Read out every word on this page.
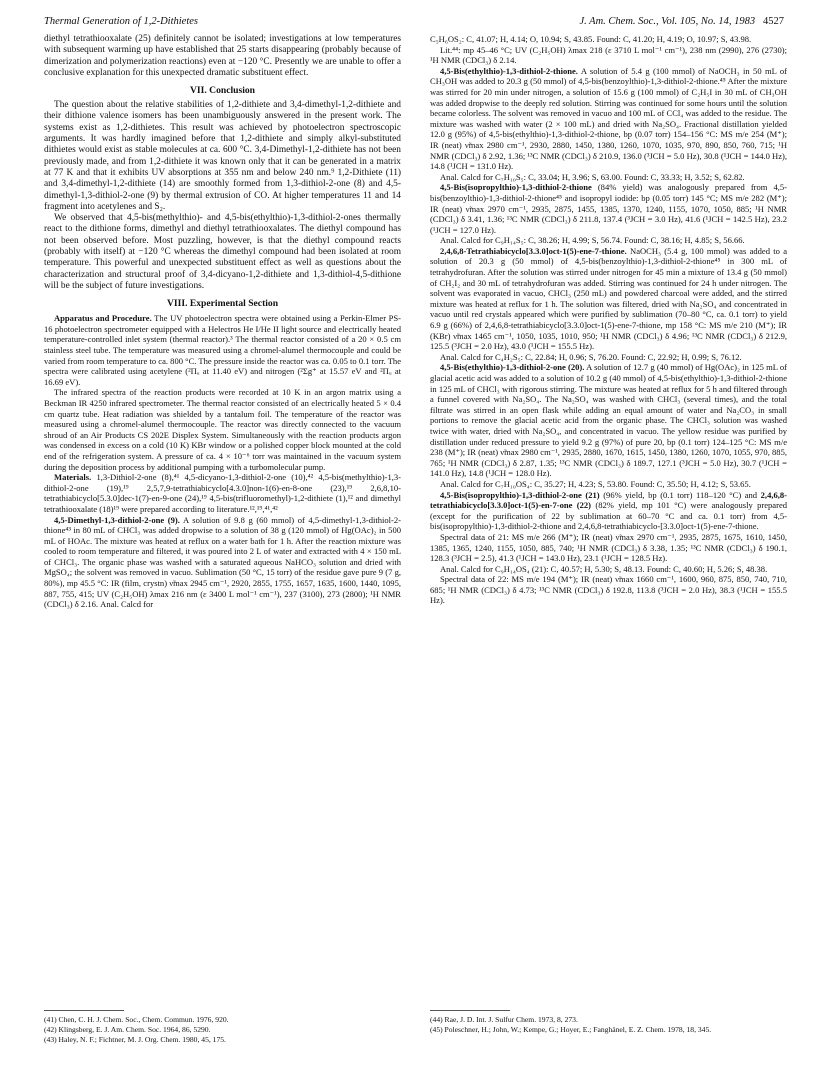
Thermal Generation of 1,2-Dithietes	J. Am. Chem. Soc., Vol. 105, No. 14, 1983 4527

diethyl tetrathiooxalate (25) definitely cannot be isolated; investigations at low temperatures with subsequent warming up have established that 25 starts disappearing (probably because of dimerization and polymerization reactions) even at −120 °C. Presently we are unable to offer a conclusive explanation for this unexpected dramatic substituent effect.

VII. Conclusion

The question about the relative stabilities of 1,2-dithiete and 3,4-dimethyl-1,2-dithiete and their dithione valence isomers has been unambiguously answered in the present work. The systems exist as 1,2-dithietes. This result was achieved by photoelectron spectroscopic arguments. It was hardly imagined before that 1,2-dithiete and simply alkyl-substituted dithietes would exist as stable molecules at ca. 600 °C. 3,4-Dimethyl-1,2-dithiete has not been previously made, and from 1,2-dithiete it was known only that it can be generated in a matrix at 77 K and that it exhibits UV absorptions at 355 nm and below 240 nm.⁹ 1,2-Dithiete (11) and 3,4-dimethyl-1,2-dithiete (14) are smoothly formed from 1,3-dithiol-2-one (8) and 4,5-dimethyl-1,3-dithiol-2-one (9) by thermal extrusion of CO. At higher temperatures 11 and 14 fragment into acetylenes and S₂.

We observed that 4,5-bis(methylthio)- and 4,5-bis(ethylthio)-1,3-dithiol-2-ones thermally react to the dithione forms, dimethyl and diethyl tetrathiooxalates. The diethyl compound has not been observed before. Most puzzling, however, is that the diethyl compound reacts (probably with itself) at −120 °C whereas the dimethyl compound had been isolated at room temperature. This powerful and unexpected substituent effect as well as questions about the characterization and structural proof of 3,4-dicyano-1,2-dithiete and 1,3-dithiol-4,5-dithione will be the subject of future investigations.

VIII. Experimental Section

Apparatus and Procedure. The UV photoelectron spectra were obtained using a Perkin-Elmer PS-16 photoelectron spectrometer equipped with a Helectros He I/He II light source and electrically heated temperature-controlled inlet system (thermal reactor).³ The thermal reactor consisted of a 20 × 0.5 cm stainless steel tube. The temperature was measured using a chromel-alumel thermocouple and could be varied from room temperature to ca. 800 °C. The pressure inside the reactor was ca. 0.05 to 0.1 torr. The spectra were calibrated using acetylene (²Πᵤ at 11.40 eV) and nitrogen (²Σg⁺ at 15.57 eV and ²Πᵤ at 16.69 eV).

The infrared spectra of the reaction products were recorded at 10 K in an argon matrix using a Beckman IR 4250 infrared spectrometer. The thermal reactor consisted of an electrically heated 5 × 0.4 cm quartz tube. Heat radiation was shielded by a tantalum foil. The temperature of the reactor was measured using a chromel-alumel thermocouple. The reactor was directly connected to the vacuum shroud of an Air Products CS 202E Displex System. Simultaneously with the reaction products argon was condensed in excess on a cold (10 K) KBr window or a polished copper block mounted at the cold end of the refrigeration system. A pressure of ca. 4 × 10⁻⁶ torr was maintained in the vacuum system during the deposition process by additional pumping with a turbomolecular pump.

Materials. 1,3-Dithiol-2-one (8),⁴¹ 4,5-dicyano-1,3-dithiol-2-one (10),⁴² 4,5-bis(methylthio)-1,3-dithiol-2-one (19),¹⁹ 2,5,7,9-tetrathiabicyclo[4.3.0]non-1(6)-en-8-one (23),¹⁹ 2,6,8,10-tetrathiabicyclo[5.3.0]dec-1(7)-en-9-one (24),¹⁹ 4,5-bis(trifluoromethyl)-1,2-dithiete (1),¹² and dimethyl tetrathiooxalate (18)¹⁹ were prepared according to literature.¹²,¹⁹,⁴¹,⁴²

4,5-Dimethyl-1,3-dithiol-2-one (9). A solution of 9.8 g (60 mmol) of 4,5-dimethyl-1,3-dithiol-2-thione⁴³ in 80 mL of CHCl₃ was added dropwise to a solution of 38 g (120 mmol) of Hg(OAc)₂ in 500 mL of HOAc. The mixture was heated at reflux on a water bath for 1 h. After the reaction mixture was cooled to room temperature and filtered, it was poured into 2 L of water and extracted with 4 × 150 mL of CHCl₃. The organic phase was washed with a saturated aqueous NaHCO₃ solution and dried with MgSO₄; the solvent was removed in vacuo. Sublimation (50 °C, 15 torr) of the residue gave pure 9 (7 g, 80%), mp 45.5 °C: IR (film, crystn) ν̃max 2945 cm⁻¹, 2920, 2855, 1755, 1657, 1635, 1600, 1440, 1095, 887, 755, 415; UV (C₂H₅OH) λmax 216 nm (ε 3400 L mol⁻¹ cm⁻¹), 237 (3100), 273 (2800); ¹H NMR (CDCl₃) δ 2.16. Anal. Calcd for

C₅H₆OS₂: C, 41.07; H, 4.14; O, 10.94; S, 43.85. Found: C, 41.20; H, 4.19; O, 10.97; S, 43.98.

Lit.⁴⁴: mp 45–46 °C; UV (C₂H₅OH) λmax 218 (ε 3710 L mol⁻¹ cm⁻¹), 238 nm (2990), 276 (2730); ¹H NMR (CDCl₃) δ 2.14.

4,5-Bis(ethylthio)-1,3-dithiol-2-thione. A solution of 5.4 g (100 mmol) of NaOCH₃ in 50 mL of CH₃OH was added to 20.3 g (50 mmol) of 4,5-bis(benzoylthio)-1,3-dithiol-2-thione.⁴⁵ After the mixture was stirred for 20 min under nitrogen, a solution of 15.6 g (100 mmol) of C₂H₅I in 30 mL of CH₃OH was added dropwise to the deeply red solution. Stirring was continued for some hours until the solution became colorless. The solvent was removed in vacuo and 100 mL of CCl₄ was added to the residue. The mixture was washed with water (2 × 100 mL) and dried with Na₂SO₄. Fractional distillation yielded 12.0 g (95%) of 4,5-bis(ethylthio)-1,3-dithiol-2-thione, bp (0.07 torr) 154–156 °C: MS m/e 254 (M⁺); IR (neat) ν̃max 2980 cm⁻¹, 2930, 2880, 1450, 1380, 1260, 1070, 1035, 970, 890, 850, 760, 715; ¹H NMR (CDCl₃) δ 2.92, 1.36; ¹³C NMR (CDCl₃) δ 210.9, 136.0 (³JCH = 5.0 Hz), 30.8 (¹JCH = 144.0 Hz), 14.8 (¹JCH = 131.0 Hz).

Anal. Calcd for C₇H₁₀S₅: C, 33.04; H, 3.96; S, 63.00. Found: C, 33.33; H, 3.52; S, 62.82.

4,5-Bis(isopropylthio)-1,3-dithiol-2-thione (84% yield) was analogously prepared from 4,5-bis(benzoylthio)-1,3-dithiol-2-thione⁴⁵ and isopropyl iodide: bp (0.05 torr) 145 °C; MS m/e 282 (M⁺); IR (neat) ν̃max 2970 cm⁻¹, 2935, 2875, 1455, 1385, 1370, 1240, 1155, 1070, 1050, 885; ¹H NMR (CDCl₃) δ 3.41, 1.36; ¹³C NMR (CDCl₃) δ 211.8, 137.4 (³JCH = 3.0 Hz), 41.6 (¹JCH = 142.5 Hz), 23.2 (¹JCH = 127.0 Hz).

Anal. Calcd for C₉H₁₄S₅: C, 38.26; H, 4.99; S, 56.74. Found: C, 38.16; H, 4.85; S, 56.66.

2,4,6,8-Tetrathiabicyclo[3.3.0]oct-1(5)-ene-7-thione. NaOCH₃ (5.4 g, 100 mmol) was added to a solution of 20.3 g (50 mmol) of 4,5-bis(benzoylthio)-1,3-dithiol-2-thione⁴⁵ in 300 mL of tetrahydrofuran. After the solution was stirred under nitrogen for 45 min a mixture of 13.4 g (50 mmol) of CH₂I₂ and 30 mL of tetrahydrofuran was added. Stirring was continued for 24 h under nitrogen. The solvent was evaporated in vacuo, CHCl₃ (250 mL) and powdered charcoal were added, and the stirred mixture was heated at reflux for 1 h. The solution was filtered, dried with Na₂SO₄ and concentrated in vacuo until red crystals appeared which were purified by sublimation (70–80 °C, ca. 0.1 torr) to yield 6.9 g (66%) of 2,4,6,8-tetrathiabicyclo[3.3.0]oct-1(5)-ene-7-thione, mp 158 °C: MS m/e 210 (M⁺); IR (KBr) ν̃max 1465 cm⁻¹, 1050, 1035, 1010, 950; ¹H NMR (CDCl₃) δ 4.96; ¹³C NMR (CDCl₃) δ 212.9, 125.5 (³JCH = 2.0 Hz), 43.0 (¹JCH = 155.5 Hz).

Anal. Calcd for C₄H₂S₅: C, 22.84; H, 0.96; S, 76.20. Found: C, 22.92; H, 0.99; S, 76.12.

4,5-Bis(ethylthio)-1,3-dithiol-2-one (20). A solution of 12.7 g (40 mmol) of Hg(OAc)₂ in 125 mL of glacial acetic acid was added to a solution of 10.2 g (40 mmol) of 4,5-bis(ethylthio)-1,3-dithiol-2-thione in 125 mL of CHCl₃ with rigorous stirring. The mixture was heated at reflux for 5 h and filtered through a funnel covered with Na₂SO₄. The Na₂SO₄ was washed with CHCl₃ (several times), and the total filtrate was stirred in an open flask while adding an equal amount of water and Na₂CO₃ in small portions to remove the glacial acetic acid from the organic phase. The CHCl₃ solution was washed twice with water, dried with Na₂SO₄, and concentrated in vacuo. The yellow residue was purified by distillation under reduced pressure to yield 9.2 g (97%) of pure 20, bp (0.1 torr) 124–125 °C: MS m/e 238 (M⁺); IR (neat) ν̃max 2980 cm⁻¹, 2935, 2880, 1670, 1615, 1450, 1380, 1260, 1070, 1055, 970, 885, 765; ¹H NMR (CDCl₃) δ 2.87, 1.35; ¹³C NMR (CDCl₃) δ 189.7, 127.1 (³JCH = 5.0 Hz), 30.7 (¹JCH = 141.0 Hz), 14.8 (¹JCH = 128.0 Hz).

Anal. Calcd for C₇H₁₀OS₄: C, 35.27; H, 4.23; S, 53.80. Found: C, 35.50; H, 4.12; S, 53.65.

4,5-Bis(isopropylthio)-1,3-dithiol-2-one (21) (96% yield, bp (0.1 torr) 118–120 °C) and 2,4,6,8-tetrathiabicyclo[3.3.0]oct-1(5)-en-7-one (22) (82% yield, mp 101 °C) were analogously prepared (except for the purification of 22 by sublimation at 60–70 °C and ca. 0.1 torr) from 4,5-bis(isopropylthio)-1,3-dithiol-2-thione and 2,4,6,8-tetrathiabicyclo-[3.3.0]oct-1(5)-ene-7-thione.

Spectral data of 21: MS m/e 266 (M⁺); IR (neat) ν̃max 2970 cm⁻¹, 2935, 2875, 1675, 1610, 1450, 1385, 1365, 1240, 1155, 1050, 885, 740; ¹H NMR (CDCl₃) δ 3.38, 1.35; ¹³C NMR (CDCl₃) δ 190.1, 128.3 (³JCH = 2.5), 41.3 (¹JCH = 143.0 Hz), 23.1 (¹JCH = 128.5 Hz).

Anal. Calcd for C₉H₁₄OS₄ (21): C, 40.57; H, 5.30; S, 48.13. Found: C, 40.60; H, 5.26; S, 48.38.

Spectral data of 22: MS m/e 194 (M⁺); IR (neat) ν̃max 1660 cm⁻¹, 1600, 960, 875, 850, 740, 710, 685; ¹H NMR (CDCl₃) δ 4.73; ¹³C NMR (CDCl₃) δ 192.8, 113.8 (³JCH = 2.0 Hz), 38.3 (¹JCH = 155.5 Hz).

(41) Chen, C. H. J. Chem. Soc., Chem. Commun. 1976, 920.
(42) Klingsberg, E. J. Am. Chem. Soc. 1964, 86, 5290.
(43) Haley, N. F.; Fichtner, M. J. Org. Chem. 1980, 45, 175.
(44) Rae, J. D. Int. J. Sulfur Chem. 1973, 8, 273.
(45) Poleschner, H.; John, W.; Kempe, G.; Hoyer, E.; Fanghänel, E. Z. Chem. 1978, 18, 345.
